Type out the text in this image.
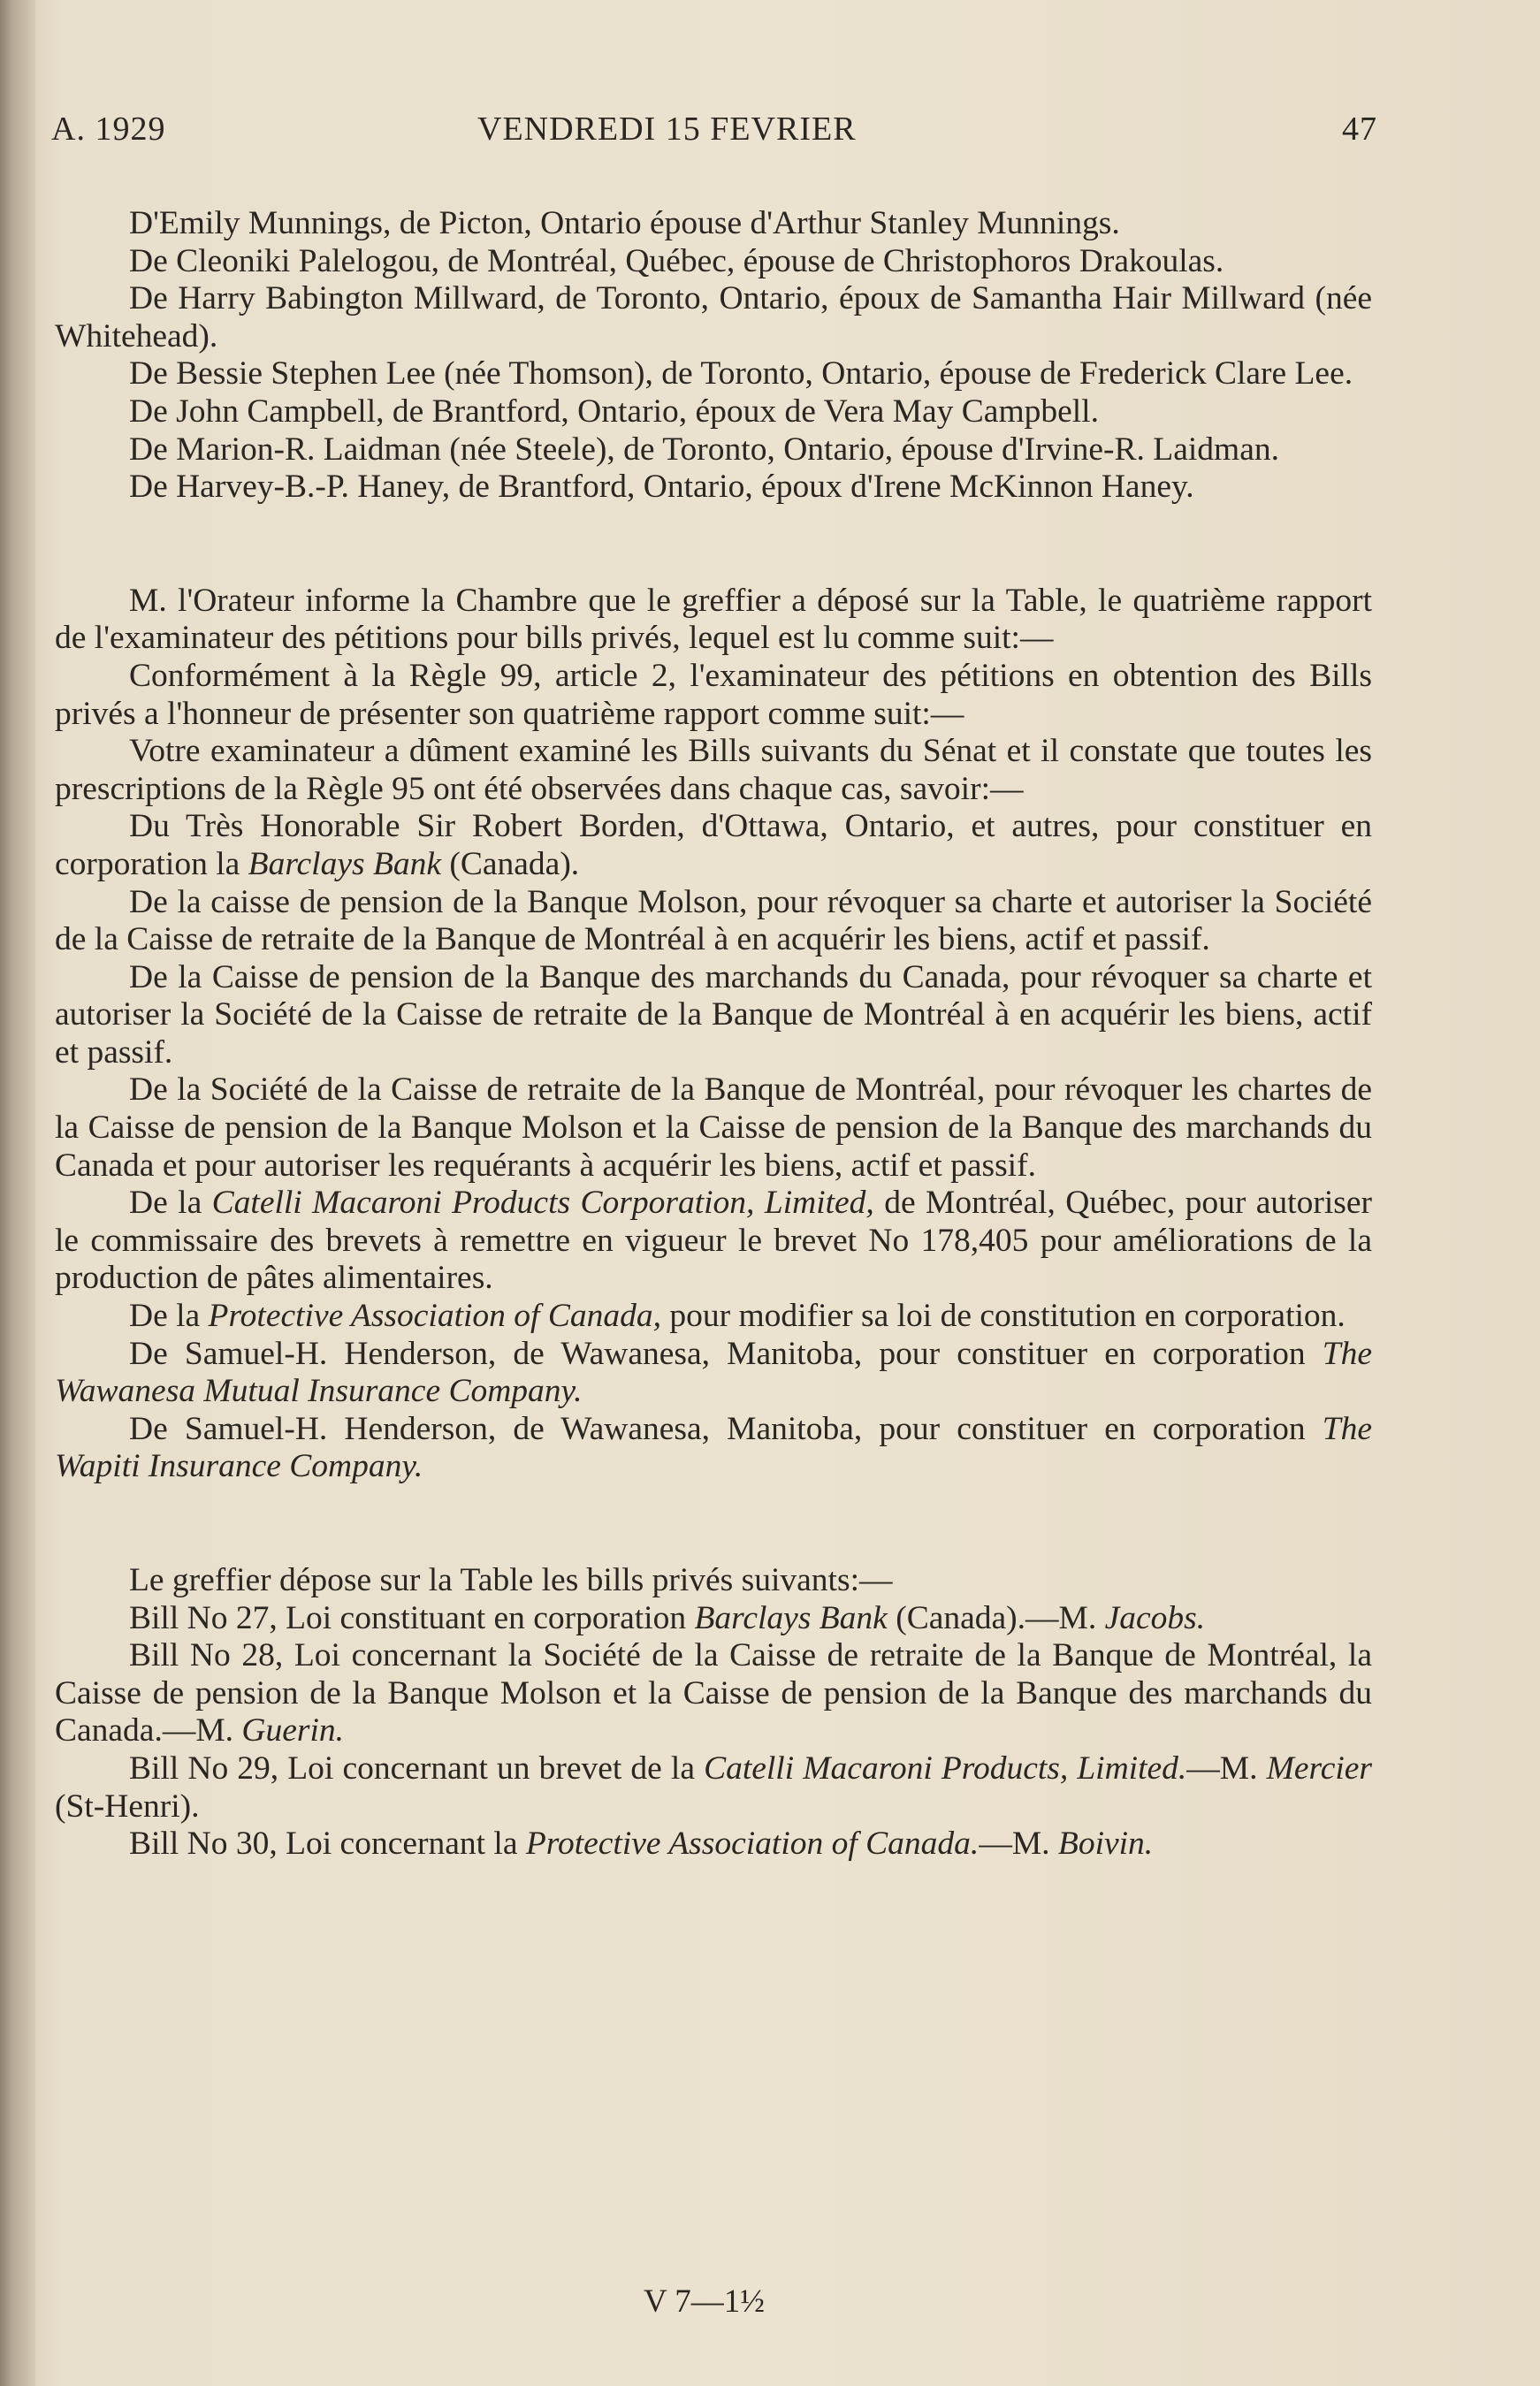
A. 1929	VENDREDI 15 FEVRIER	47

D'Emily Munnings, de Picton, Ontario épouse d'Arthur Stanley Munnings.

De Cleoniki Palelogou, de Montréal, Québec, épouse de Christophoros Drakoulas.

De Harry Babington Millward, de Toronto, Ontario, époux de Samantha Hair Millward (née Whitehead).

De Bessie Stephen Lee (née Thomson), de Toronto, Ontario, épouse de Frederick Clare Lee.

De John Campbell, de Brantford, Ontario, époux de Vera May Campbell.

De Marion-R. Laidman (née Steele), de Toronto, Ontario, épouse d'Irvine-R. Laidman.

De Harvey-B.-P. Haney, de Brantford, Ontario, époux d'Irene McKinnon Haney.

M. l'Orateur informe la Chambre que le greffier a déposé sur la Table, le quatrième rapport de l'examinateur des pétitions pour bills privés, lequel est lu comme suit:—

Conformément à la Règle 99, article 2, l'examinateur des pétitions en obtention des Bills privés a l'honneur de présenter son quatrième rapport comme suit:—

Votre examinateur a dûment examiné les Bills suivants du Sénat et il constate que toutes les prescriptions de la Règle 95 ont été observées dans chaque cas, savoir:—

Du Très Honorable Sir Robert Borden, d'Ottawa, Ontario, et autres, pour constituer en corporation la Barclays Bank (Canada).

De la caisse de pension de la Banque Molson, pour révoquer sa charte et autoriser la Société de la Caisse de retraite de la Banque de Montréal à en acquérir les biens, actif et passif.

De la Caisse de pension de la Banque des marchands du Canada, pour révoquer sa charte et autoriser la Société de la Caisse de retraite de la Banque de Montréal à en acquérir les biens, actif et passif.

De la Société de la Caisse de retraite de la Banque de Montréal, pour révoquer les chartes de la Caisse de pension de la Banque Molson et la Caisse de pension de la Banque des marchands du Canada et pour autoriser les requérants à acquérir les biens, actif et passif.

De la Catelli Macaroni Products Corporation, Limited, de Montréal, Québec, pour autoriser le commissaire des brevets à remettre en vigueur le brevet No 178,405 pour améliorations de la production de pâtes alimentaires.

De la Protective Association of Canada, pour modifier sa loi de constitution en corporation.

De Samuel-H. Henderson, de Wawanesa, Manitoba, pour constituer en corporation The Wawanesa Mutual Insurance Company.

De Samuel-H. Henderson, de Wawanesa, Manitoba, pour constituer en corporation The Wapiti Insurance Company.

Le greffier dépose sur la Table les bills privés suivants:—

Bill No 27, Loi constituant en corporation Barclays Bank (Canada).—M. Jacobs.

Bill No 28, Loi concernant la Société de la Caisse de retraite de la Banque de Montréal, la Caisse de pension de la Banque Molson et la Caisse de pension de la Banque des marchands du Canada.—M. Guerin.

Bill No 29, Loi concernant un brevet de la Catelli Macaroni Products, Limited.—M. Mercier (St-Henri).

Bill No 30, Loi concernant la Protective Association of Canada.—M. Boivin.

V 7—1½
